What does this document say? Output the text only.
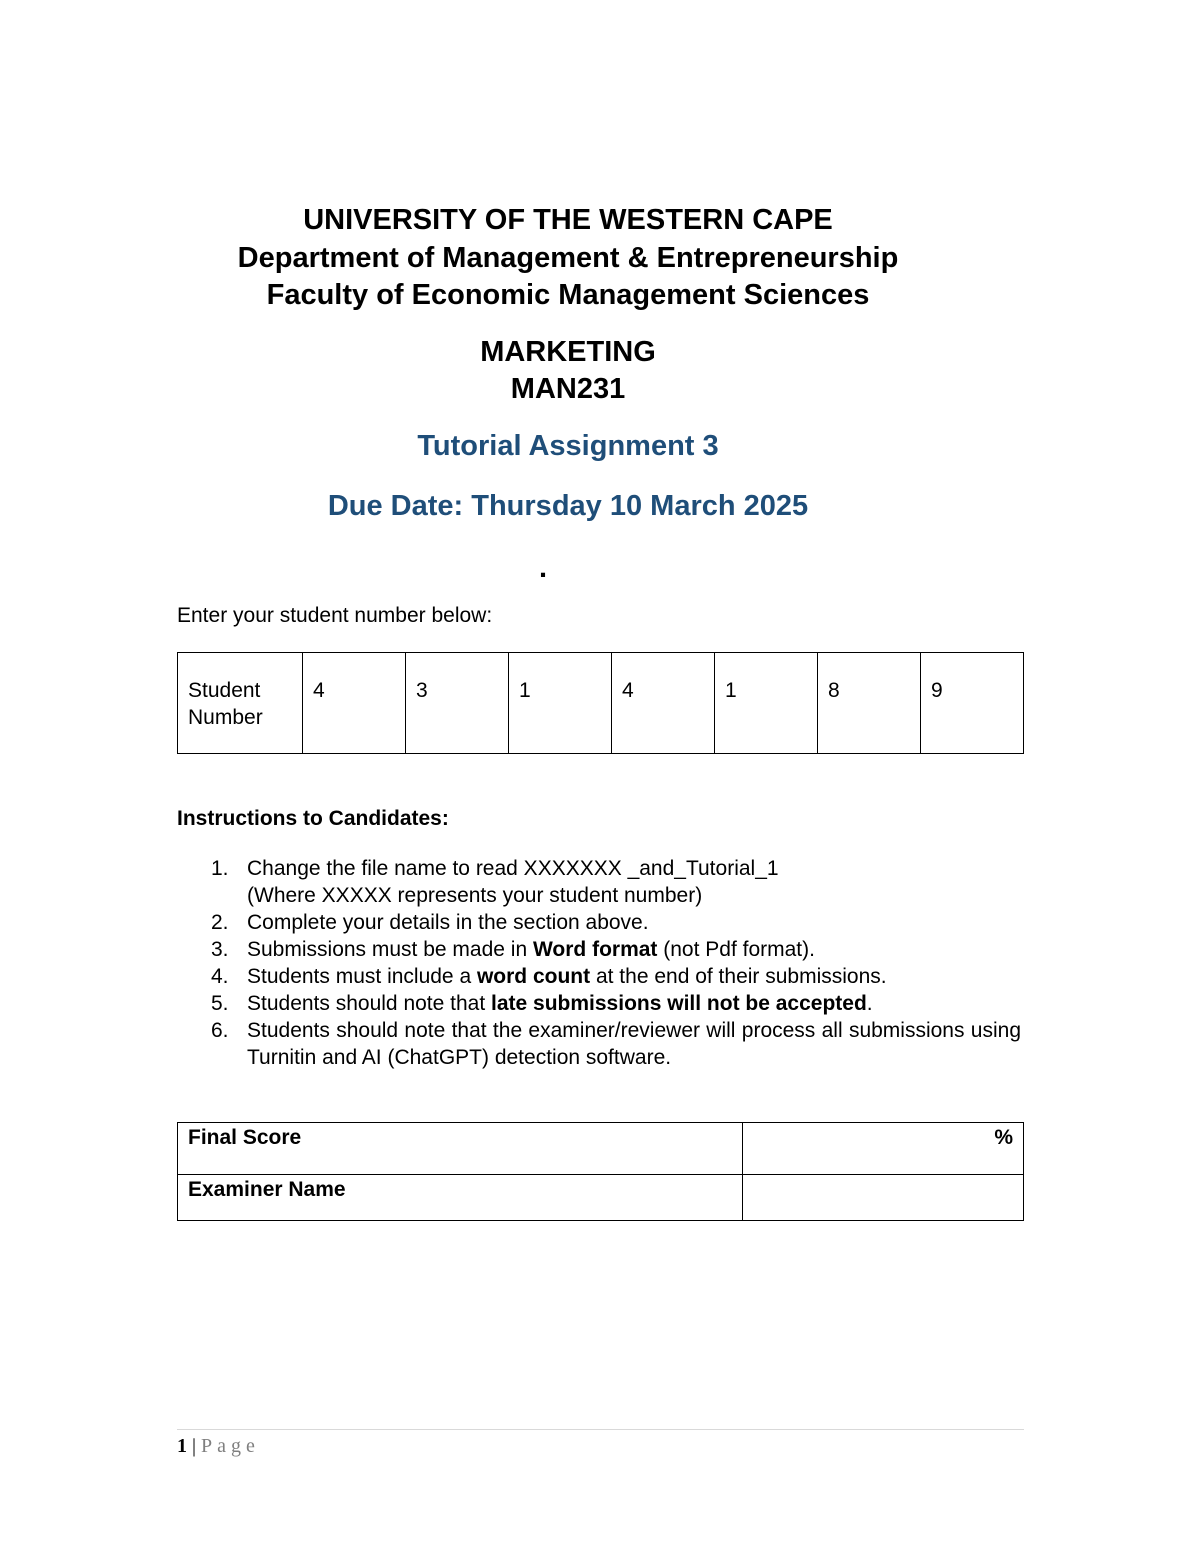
UNIVERSITY OF THE WESTERN CAPE
Department of Management & Entrepreneurship
Faculty of Economic Management Sciences
MARKETING
MAN231
Tutorial Assignment 3
Due Date: Thursday 10 March 2025
.
Enter your student number below:
Student
Number	4	3	1	4	1	8	9
Instructions to Candidates:
1. Change the file name to read XXXXXXX _and_Tutorial_1
(Where XXXXX represents your student number)
2. Complete your details in the section above.
3. Submissions must be made in Word format (not Pdf format).
4. Students must include a word count at the end of their submissions.
5. Students should note that late submissions will not be accepted.
6. Students should note that the examiner/reviewer will process all submissions using Turnitin and AI (ChatGPT) detection software.
Final Score	%
Examiner Name	
1 | Page
